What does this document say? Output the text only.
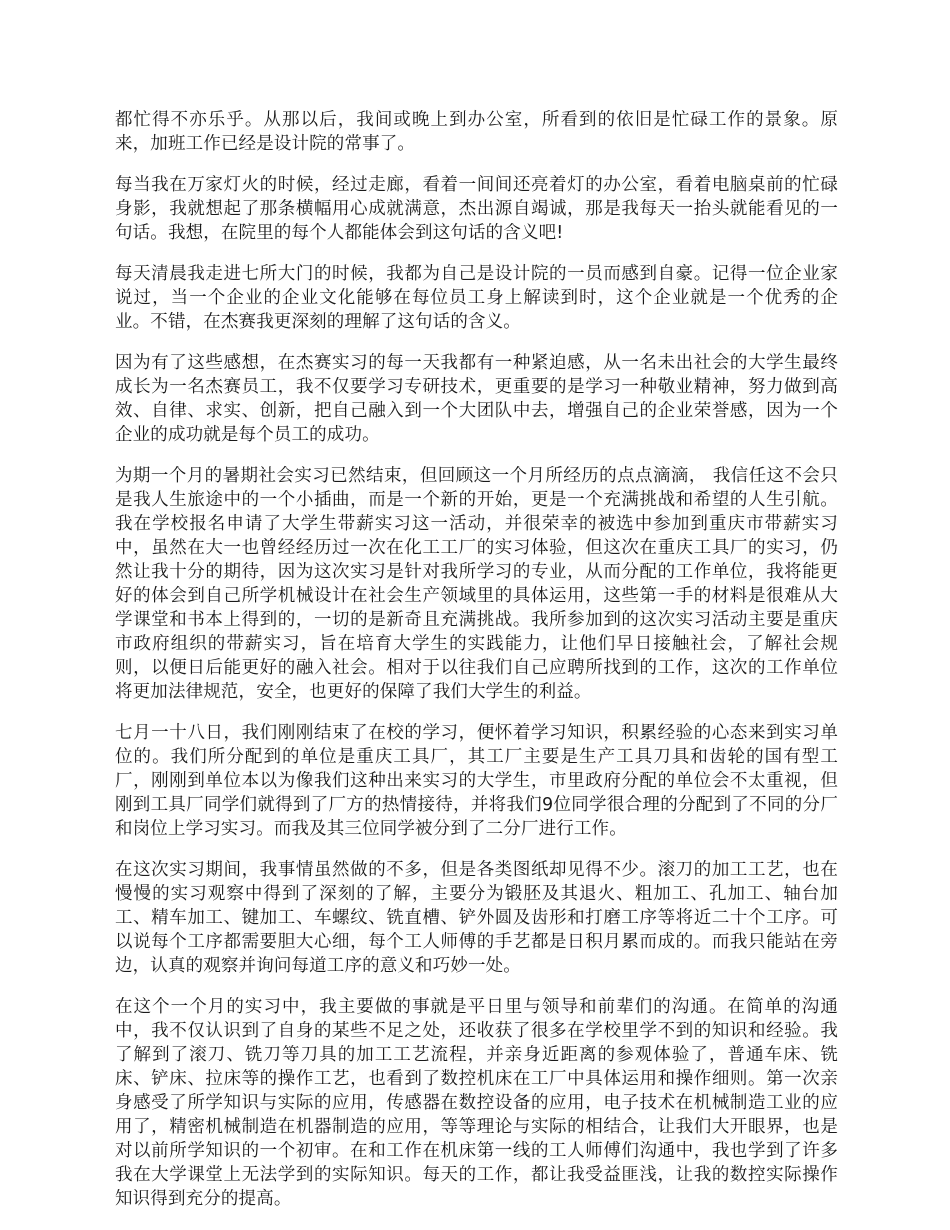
都忙得不亦乐乎。从那以后，我间或晚上到办公室，所看到的依旧是忙碌工作的景象。原来，加班工作已经是设计院的常事了。

每当我在万家灯火的时候，经过走廊，看着一间间还亮着灯的办公室，看着电脑桌前的忙碌身影，我就想起了那条横幅用心成就满意，杰出源自竭诚，那是我每天一抬头就能看见的一句话。我想，在院里的每个人都能体会到这句话的含义吧!

每天清晨我走进七所大门的时候，我都为自己是设计院的一员而感到自豪。记得一位企业家说过，当一个企业的企业文化能够在每位员工身上解读到时，这个企业就是一个优秀的企业。不错，在杰赛我更深刻的理解了这句话的含义。

因为有了这些感想，在杰赛实习的每一天我都有一种紧迫感，从一名未出社会的大学生最终成长为一名杰赛员工，我不仅要学习专研技术，更重要的是学习一种敬业精神，努力做到高效、自律、求实、创新，把自己融入到一个大团队中去，增强自己的企业荣誉感，因为一个企业的成功就是每个员工的成功。

为期一个月的暑期社会实习已然结束，但回顾这一个月所经历的点点滴滴， 我信任这不会只是我人生旅途中的一个小插曲，而是一个新的开始，更是一个充满挑战和希望的人生引航。 我在学校报名申请了大学生带薪实习这一活动，并很荣幸的被选中参加到重庆市带薪实习中，虽然在大一也曾经经历过一次在化工工厂的实习体验，但这次在重庆工具厂的实习，仍然让我十分的期待，因为这次实习是针对我所学习的专业，从而分配的工作单位，我将能更好的体会到自己所学机械设计在社会生产领域里的具体运用，这些第一手的材料是很难从大学课堂和书本上得到的，一切的是新奇且充满挑战。我所参加到的这次实习活动主要是重庆市政府组织的带薪实习，旨在培育大学生的实践能力，让他们早日接触社会，了解社会规则，以便日后能更好的融入社会。相对于以往我们自己应聘所找到的工作，这次的工作单位将更加法律规范，安全，也更好的保障了我们大学生的利益。

七月一十八日，我们刚刚结束了在校的学习，便怀着学习知识，积累经验的心态来到实习单位的。我们所分配到的单位是重庆工具厂，其工厂主要是生产工具刀具和齿轮的国有型工厂，刚刚到单位本以为像我们这种出来实习的大学生，市里政府分配的单位会不太重视，但刚到工具厂同学们就得到了厂方的热情接待，并将我们9位同学很合理的分配到了不同的分厂和岗位上学习实习。而我及其三位同学被分到了二分厂进行工作。

在这次实习期间，我事情虽然做的不多，但是各类图纸却见得不少。滚刀的加工工艺，也在慢慢的实习观察中得到了深刻的了解，主要分为锻胚及其退火、粗加工、孔加工、轴台加工、精车加工、键加工、车螺纹、铣直槽、铲外圆及齿形和打磨工序等将近二十个工序。可以说每个工序都需要胆大心细，每个工人师傅的手艺都是日积月累而成的。而我只能站在旁边，认真的观察并询问每道工序的意义和巧妙一处。

在这个一个月的实习中，我主要做的事就是平日里与领导和前辈们的沟通。在简单的沟通中，我不仅认识到了自身的某些不足之处，还收获了很多在学校里学不到的知识和经验。我了解到了滚刀、铣刀等刀具的加工工艺流程，并亲身近距离的参观体验了，普通车床、铣床、铲床、拉床等的操作工艺，也看到了数控机床在工厂中具体运用和操作细则。第一次亲身感受了所学知识与实际的应用，传感器在数控设备的应用，电子技术在机械制造工业的应用了，精密机械制造在机器制造的应用，等等理论与实际的相结合，让我们大开眼界，也是对以前所学知识的一个初审。在和工作在机床第一线的工人师傅们沟通中，我也学到了许多我在大学课堂上无法学到的实际知识。每天的工作，都让我受益匪浅，让我的数控实际操作知识得到充分的提高。
